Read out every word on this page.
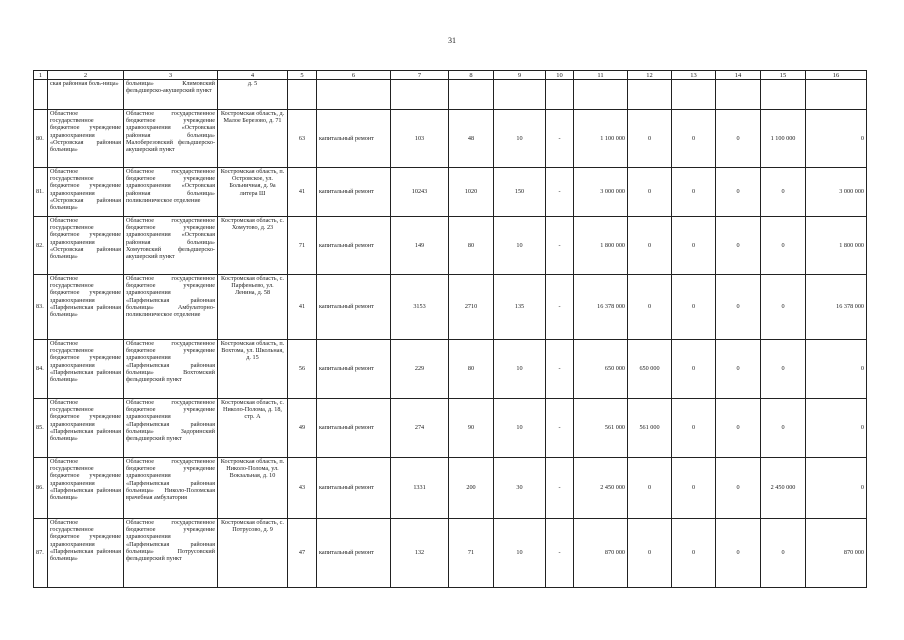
31
1	2	3	4	5	6	7	8	9	10	11	12	13	14	15	16
	ская районная боль-ница»	больница» Климовский фельдшерско-акушерский пункт	д. 5												
80.	Областное государственное бюджетное учреждение здравоохранения «Островская районная больница»	Областное государственное бюджетное учреждение здравоохранения «Островская районная больница» Малоберезовский фельдшерско-акушерский пункт	Костромская область, д. Малое Березово, д. 71	63	капитальный ремонт	103	48	10	-	1 100 000	0	0	0	1 100 000	0
81.	Областное государственное бюджетное учреждение здравоохранения «Островская районная больница»	Областное государственное бюджетное учреждение здравоохранения «Островская районная больница» поликлиническое отделение	Костромская область, п. Островское, ул. Больничная, д. 9а литера Ш	41	капитальный ремонт	10243	1020	150	-	3 000 000	0	0	0	0	3 000 000
82.	Областное государственное бюджетное учреждение здравоохранения «Островская районная больница»	Областное государственное бюджетное учреждение здравоохранения «Островская районная больница» Хомутовский фельдшерско-акушерский пункт	Костромская область, с. Хомутово, д. 23	71	капитальный ремонт	149	80	10	-	1 800 000	0	0	0	0	1 800 000
83.	Областное государственное бюджетное учреждение здравоохранения «Парфеньевская районная больница»	Областное государственное бюджетное учреждение здравоохранения «Парфеньевская районная больница» Амбулаторно-поликлиническое отделение	Костромская область, с. Парфеньево, ул. Ленина, д. 58	41	капитальный ремонт	3153	2710	135	-	16 378 000	0	0	0	0	16 378 000
84.	Областное государственное бюджетное учреждение здравоохранения «Парфеньевская районная больница»	Областное государственное бюджетное учреждение здравоохранения «Парфеньевская районная больница» Вохтомский фельдшерский пункт	Костромская область, п. Вохтома, ул. Школьная, д. 15	56	капитальный ремонт	229	80	10	-	650 000	650 000	0	0	0	0
85.	Областное государственное бюджетное учреждение здравоохранения «Парфеньевская районная больница»	Областное государственное бюджетное учреждение здравоохранения «Парфеньевская районная больница» Задоринский фельдшерский пункт	Костромская область, с. Николо-Полома, д. 18, стр. А	49	капитальный ремонт	274	90	10	-	561 000	561 000	0	0	0	0
86.	Областное государственное бюджетное учреждение здравоохранения «Парфеньевская районная больница»	Областное государственное бюджетное учреждение здравоохранения «Парфеньевская районная больница» Николо-Поломская врачебная амбулатория	Костромская область, п. Николо-Полома, ул. Вокзальная, д. 10	43	капитальный ремонт	1331	200	30	-	2 450 000	0	0	0	2 450 000	0
87.	Областное государственное бюджетное учреждение здравоохранения «Парфеньевская районная больница»	Областное государственное бюджетное учреждение здравоохранения «Парфеньевская районная больница» Потрусовский фельдшерский пункт	Костромская область, с. Потрусово, д. 9	47	капитальный ремонт	132	71	10	-	870 000	0	0	0	0	870 000
